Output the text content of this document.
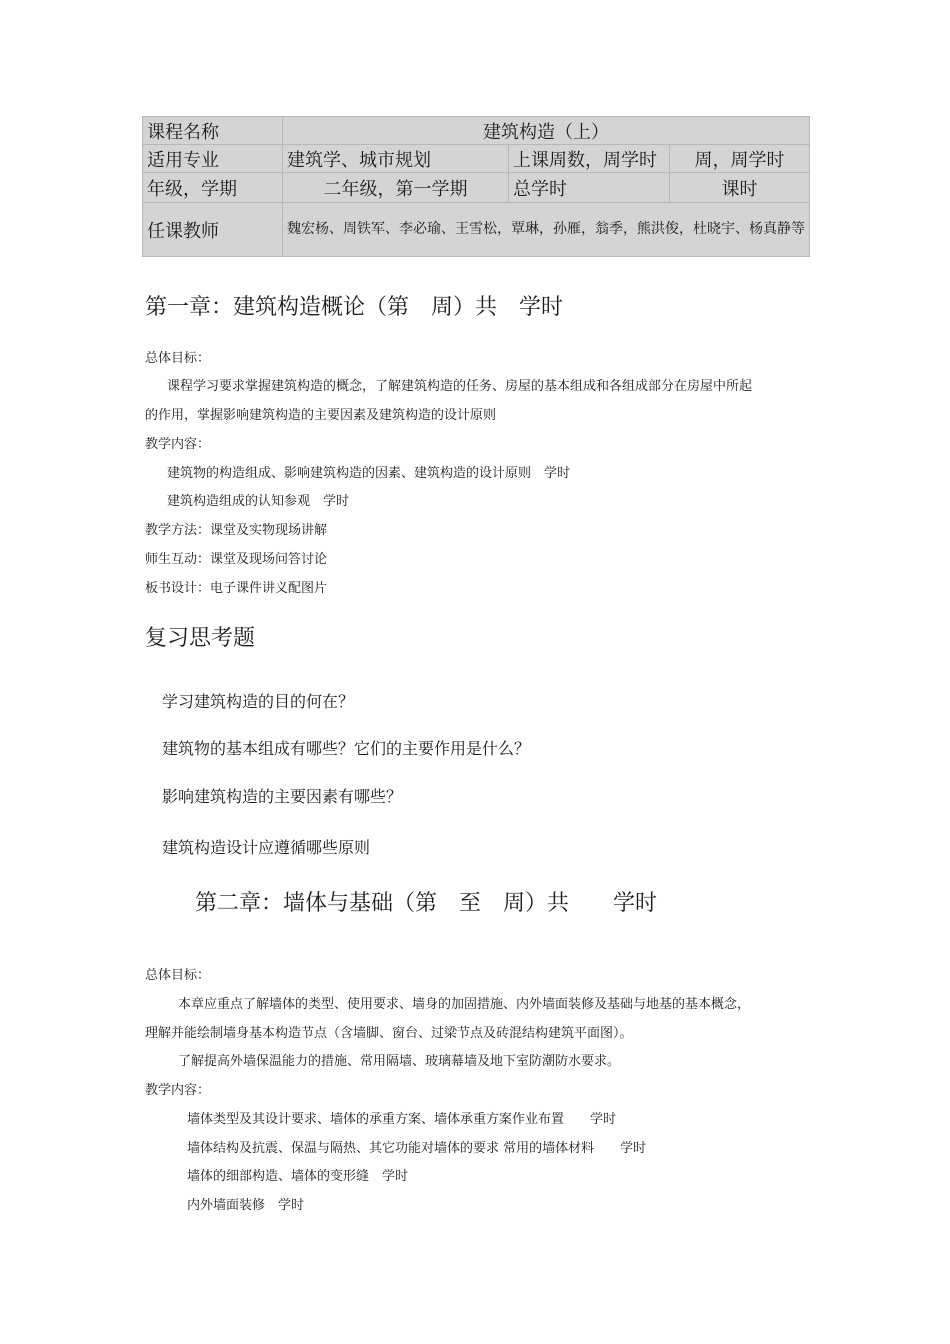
课程名称	建筑构造（上）		
适用专业	建筑学、城市规划	上课周数，周学时	周，周学时
年级，学期	二年级，第一学期	总学时	课时
任课教师	魏宏杨、周铁军、李必瑜、王雪松，覃琳，孙雁，翁季，熊洪俊，杜晓宇、杨真静等		
第一章：建筑构造概论（第　周）共　学时
总体目标：
课程学习要求掌握建筑构造的概念，了解建筑构造的任务、房屋的基本组成和各组成部分在房屋中所起
的作用，掌握影响建筑构造的主要因素及建筑构造的设计原则
教学内容：
建筑物的构造组成、影响建筑构造的因素、建筑构造的设计原则　学时
建筑构造组成的认知参观　学时
教学方法：课堂及实物现场讲解
师生互动：课堂及现场问答讨论
板书设计：电子课件讲义配图片
复习思考题
学习建筑构造的目的何在？
建筑物的基本组成有哪些？它们的主要作用是什么？
影响建筑构造的主要因素有哪些？
建筑构造设计应遵循哪些原则
第二章：墙体与基础（第　至　周）共　　学时
总体目标：
本章应重点了解墙体的类型、使用要求、墙身的加固措施、内外墙面装修及基础与地基的基本概念，
理解并能绘制墙身基本构造节点（含墙脚、窗台、过梁节点及砖混结构建筑平面图）。
了解提高外墙保温能力的措施、常用隔墙、玻璃幕墙及地下室防潮防水要求。
教学内容：
墙体类型及其设计要求、墙体的承重方案、墙体承重方案作业布置　　学时
墙体结构及抗震、保温与隔热、其它功能对墙体的要求 常用的墙体材料　　学时
墙体的细部构造、墙体的变形缝　学时
内外墙面装修　学时
